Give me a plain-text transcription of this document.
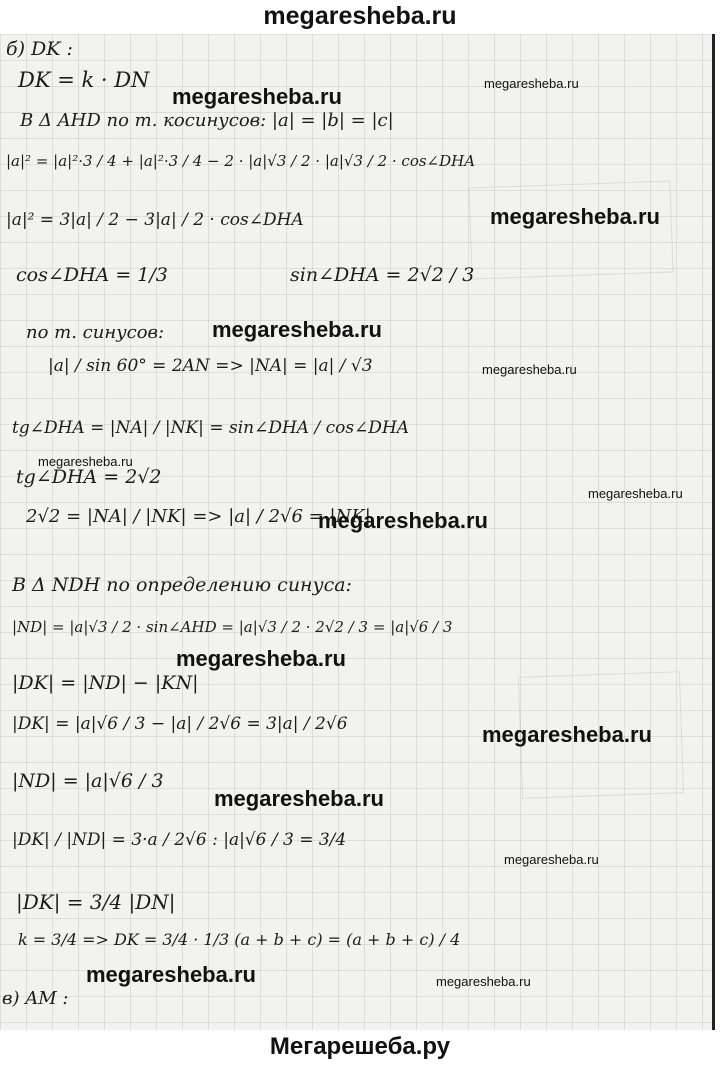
megaresheba.ru
б) DK :
DK = k · DN
В Δ AHD по т. косинусов: |a| = |b| = |c|
|a|² = |a|²·3 / 4 + |a|²·3 / 4 − 2 · |a|√3 / 2 · |a|√3 / 2 · cos∠DHA
|a|² = 3|a| / 2 − 3|a| / 2 · cos∠DHA
cos∠DHA = 1/3	sin∠DHA = 2√2 / 3
по т. синусов:
|a| / sin 60° = 2AN => |NA| = |a| / √3
tg∠DHA = |NA| / |NK| = sin∠DHA / cos∠DHA
tg∠DHA = 2√2
2√2 = |NA| / |NK| => |a| / 2√6 = |NK|
В Δ NDH по определению синуса:
|ND| = |a|√3 / 2 · sin∠AHD = |a|√3 / 2 · 2√2 / 3 = |a|√6 / 3
|DK| = |ND| − |KN|
|DK| = |a|√6 / 3 − |a| / 2√6 = 3|a| / 2√6
|ND| = |a|√6 / 3
|DK| / |ND| = 3·a / 2√6 : |a|√6 / 3 = 3/4
|DK| = 3/4 |DN|
k = 3/4 => DK = 3/4 · 1/3 (a + b + c) = (a + b + c) / 4
в) AM :
megaresheba.ru
megaresheba.ru
megaresheba.ru
megaresheba.ru
megaresheba.ru
megaresheba.ru
megaresheba.ru
megaresheba.ru
megaresheba.ru
megaresheba.ru
megaresheba.ru
megaresheba.ru
megaresheba.ru	megaresheba.ru
Мегарешеба.ру
